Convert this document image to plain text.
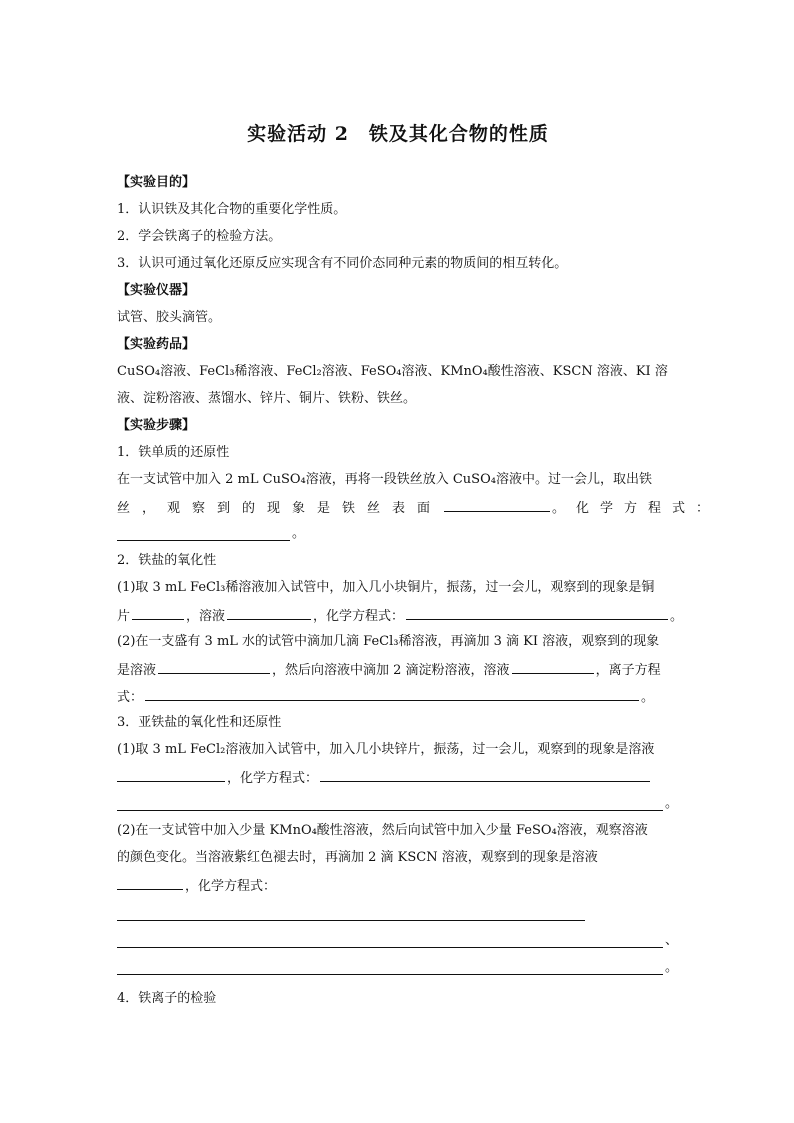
实验活动 2　铁及其化合物的性质
【实验目的】
1．认识铁及其化合物的重要化学性质。
2．学会铁离子的检验方法。
3．认识可通过氧化还原反应实现含有不同价态同种元素的物质间的相互转化。
【实验仪器】
试管、胶头滴管。
【实验药品】
CuSO₄溶液、FeCl₃稀溶液、FeCl₂溶液、FeSO₄溶液、KMnO₄酸性溶液、KSCN 溶液、KI 溶
液、淀粉溶液、蒸馏水、锌片、铜片、铁粉、铁丝。
【实验步骤】
1．铁单质的还原性
在一支试管中加入 2 mL CuSO₄溶液，再将一段铁丝放入 CuSO₄溶液中。过一会儿，取出铁
丝，观察到的现象是铁丝表面	。化学方程式：
。
2．铁盐的氧化性
(1)取 3 mL FeCl₃稀溶液加入试管中，加入几小块铜片，振荡，过一会儿，观察到的现象是铜
片	，溶液	，化学方程式：	。
(2)在一支盛有 3 mL 水的试管中滴加几滴 FeCl₃稀溶液，再滴加 3 滴 KI 溶液，观察到的现象
是溶液	，然后向溶液中滴加 2 滴淀粉溶液，溶液	，离子方程
式：	。
3．亚铁盐的氧化性和还原性
(1)取 3 mL FeCl₂溶液加入试管中，加入几小块锌片，振荡，过一会儿，观察到的现象是溶液
，化学方程式：
。
(2)在一支试管中加入少量 KMnO₄酸性溶液，然后向试管中加入少量 FeSO₄溶液，观察溶液
的颜色变化。当溶液紫红色褪去时，再滴加 2 滴 KSCN 溶液，观察到的现象是溶液
，化学方程式：
、
。
4．铁离子的检验
